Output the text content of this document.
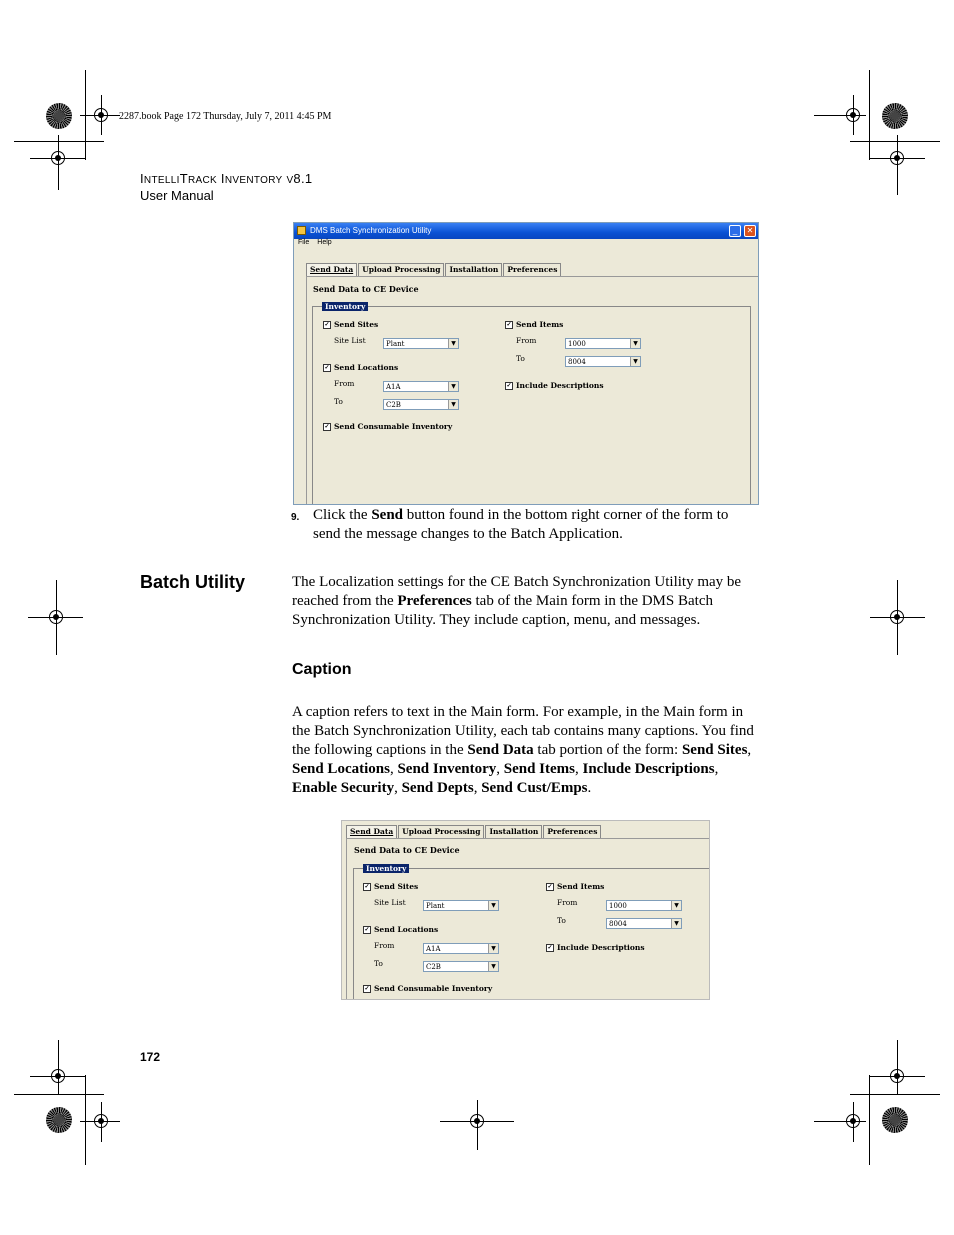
2287.book Page 172 Thursday, July 7, 2011 4:45 PM
INTELLITRACK INVENTORY V8.1
User Manual
DMS Batch Synchronization Utility	_	✕
File Help
Send Data	Upload Processing	Installation	Preferences
Send Data to CE Device
Inventory
✓ Send Sites
Site List	Plant	▼
✓ Send Locations
From	A1A	▼
To	C2B	▼
✓ Send Consumable Inventory
✓ Send Items
From	1000	▼
To	8004	▼
✓ Include Descriptions
9. Click the Send button found in the bottom right corner of the form to send the message changes to the Batch Application.
Batch Utility	The Localization settings for the CE Batch Synchronization Utility may be reached from the Preferences tab of the Main form in the DMS Batch Synchronization Utility. They include caption, menu, and messages.
Caption
A caption refers to text in the Main form. For example, in the Main form in the Batch Synchronization Utility, each tab contains many captions. You find the following captions in the Send Data tab portion of the form: Send Sites, Send Locations, Send Inventory, Send Items, Include Descriptions, Enable Security, Send Depts, Send Cust/Emps.
Send Data	Upload Processing	Installation	Preferences
Send Data to CE Device
Inventory
✓ Send Sites
Site List	Plant	▼
✓ Send Locations
From	A1A	▼
To	C2B	▼
✓ Send Consumable Inventory
✓ Send Items
From	1000	▼
To	8004	▼
✓ Include Descriptions
172
